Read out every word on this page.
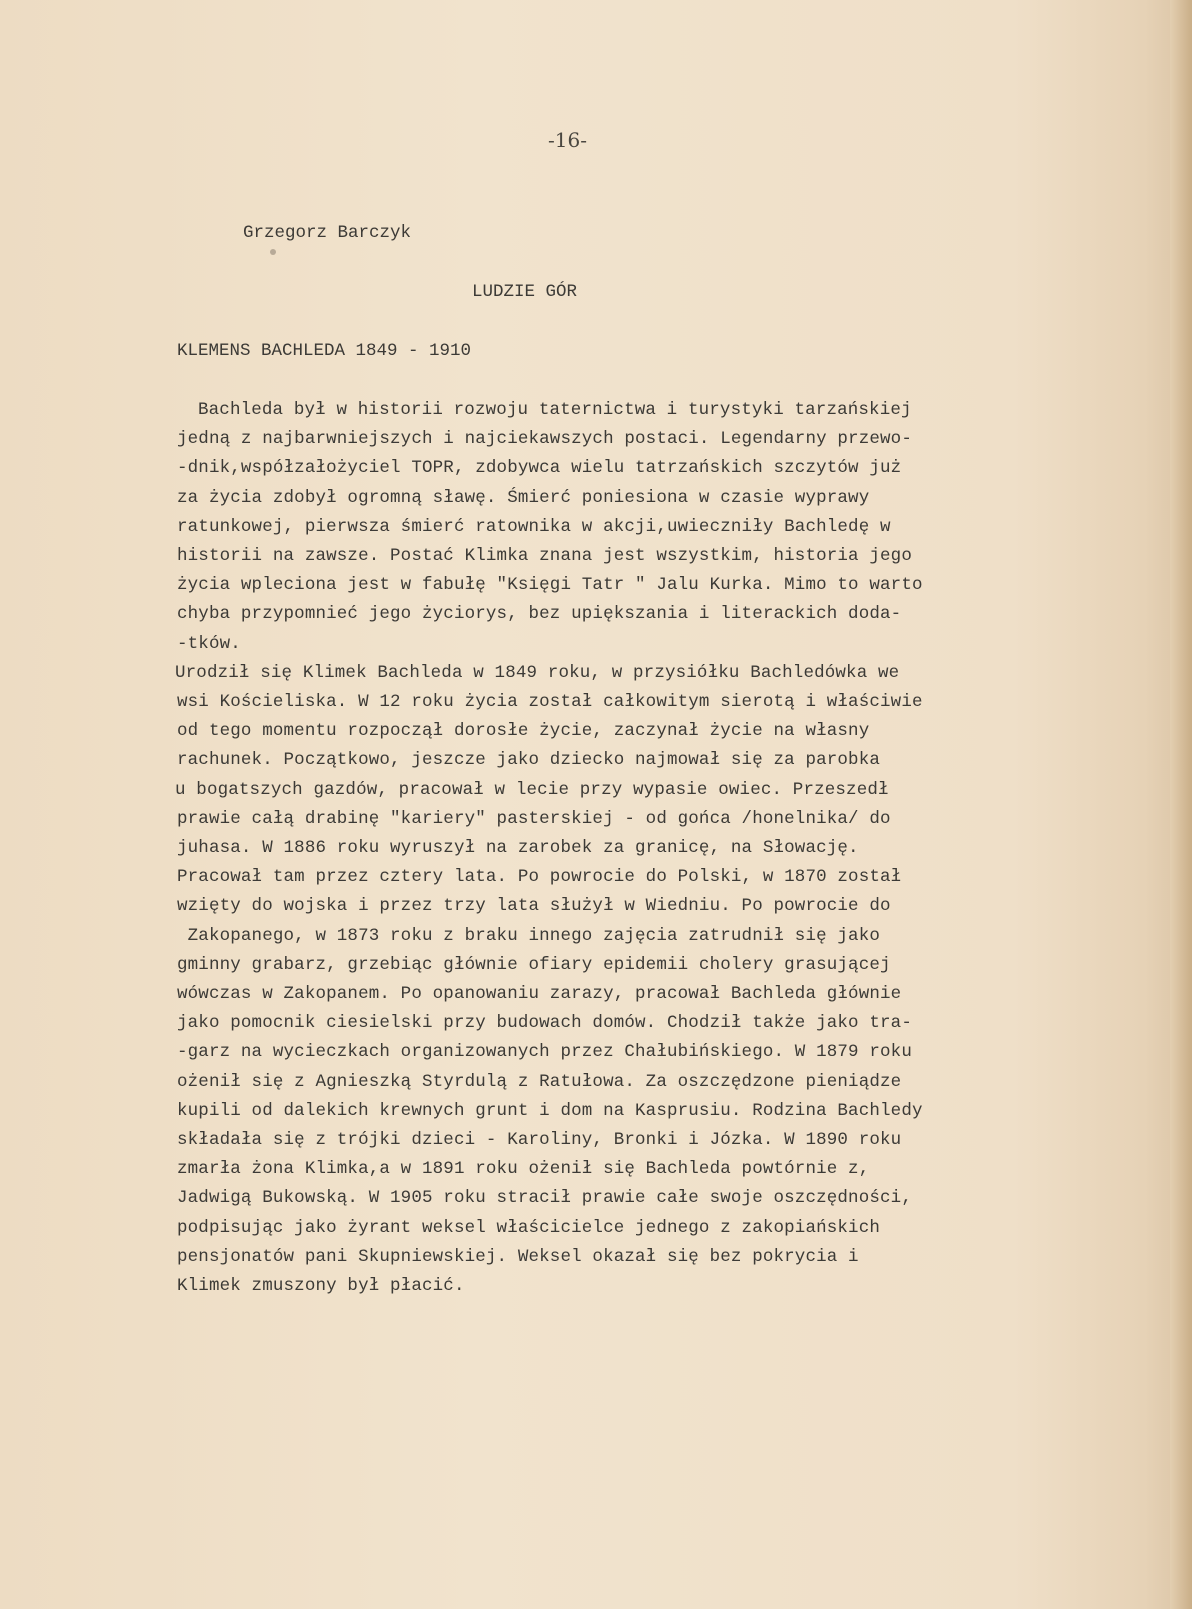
-16-
Grzegorz Barczyk
LUDZIE GÓR
KLEMENS BACHLEDA 1849 - 1910
Bachleda był w historii rozwoju taternictwa i turystyki tarzańskiej
jedną z najbarwniejszych i najciekawszych postaci. Legendarny przewo-
-dnik,współzałożyciel TOPR, zdobywca wielu tatrzańskich szczytów już
za życia zdobył ogromną sławę. Śmierć poniesiona w czasie wyprawy
ratunkowej, pierwsza śmierć ratownika w akcji,uwieczniły Bachledę w
historii na zawsze. Postać Klimka znana jest wszystkim, historia jego
życia wpleciona jest w fabułę "Księgi Tatr " Jalu Kurka. Mimo to warto
chyba przypomnieć jego życiorys, bez upiększania i literackich doda-
-tków.
Urodził się Klimek Bachleda w 1849 roku, w przysiółku Bachledówka we
wsi Kościeliska. W 12 roku życia został całkowitym sierotą i właściwie
od tego momentu rozpoczął dorosłe życie, zaczynał życie na własny
rachunek. Początkowo, jeszcze jako dziecko najmował się za parobka
u bogatszych gazdów, pracował w lecie przy wypasie owiec. Przeszedł
prawie całą drabinę "kariery" pasterskiej - od gońca /honelnika/ do
juhasa. W 1886 roku wyruszył na zarobek za granicę, na Słowację.
Pracował tam przez cztery lata. Po powrocie do Polski, w 1870 został
wzięty do wojska i przez trzy lata służył w Wiedniu. Po powrocie do
Zakopanego, w 1873 roku z braku innego zajęcia zatrudnił się jako
gminny grabarz, grzebiąc głównie ofiary epidemii cholery grasującej
wówczas w Zakopanem. Po opanowaniu zarazy, pracował Bachleda głównie
jako pomocnik ciesielski przy budowach domów. Chodził także jako tra-
-garz na wycieczkach organizowanych przez Chałubińskiego. W 1879 roku
ożenił się z Agnieszką Styrdulą z Ratułowa. Za oszczędzone pieniądze
kupili od dalekich krewnych grunt i dom na Kasprusiu. Rodzina Bachledy
składała się z trójki dzieci - Karoliny, Bronki i Józka. W 1890 roku
zmarła żona Klimka,a w 1891 roku ożenił się Bachleda powtórnie z,
Jadwigą Bukowską. W 1905 roku stracił prawie całe swoje oszczędności,
podpisując jako żyrant weksel właścicielce jednego z zakopiańskich
pensjonatów pani Skupniewskiej. Weksel okazał się bez pokrycia i
Klimek zmuszony był płacić.
